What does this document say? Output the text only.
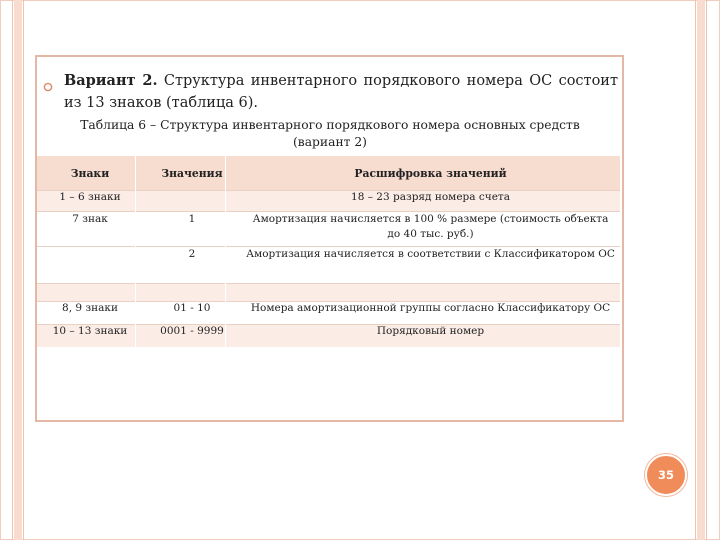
Вариант 2. Структура инвентарного порядкового номера ОС состоит из 13 знаков (таблица 6).
Таблица 6 – Структура инвентарного порядкового номера основных средств
(вариант 2)
Знаки	Значения	Расшифровка значений
1 – 6 знаки		18 – 23 разряд номера счета
7 знак	1	Амортизация начисляется в 100 % размере (стоимость объекта до 40 тыс. руб.)
	2	Амортизация начисляется в соответствии с Классификатором ОС

8, 9 знаки	01 - 10	Номера амортизационной группы согласно Классификатору ОС
10 – 13 знаки	0001 - 9999	Порядковый номер
35
